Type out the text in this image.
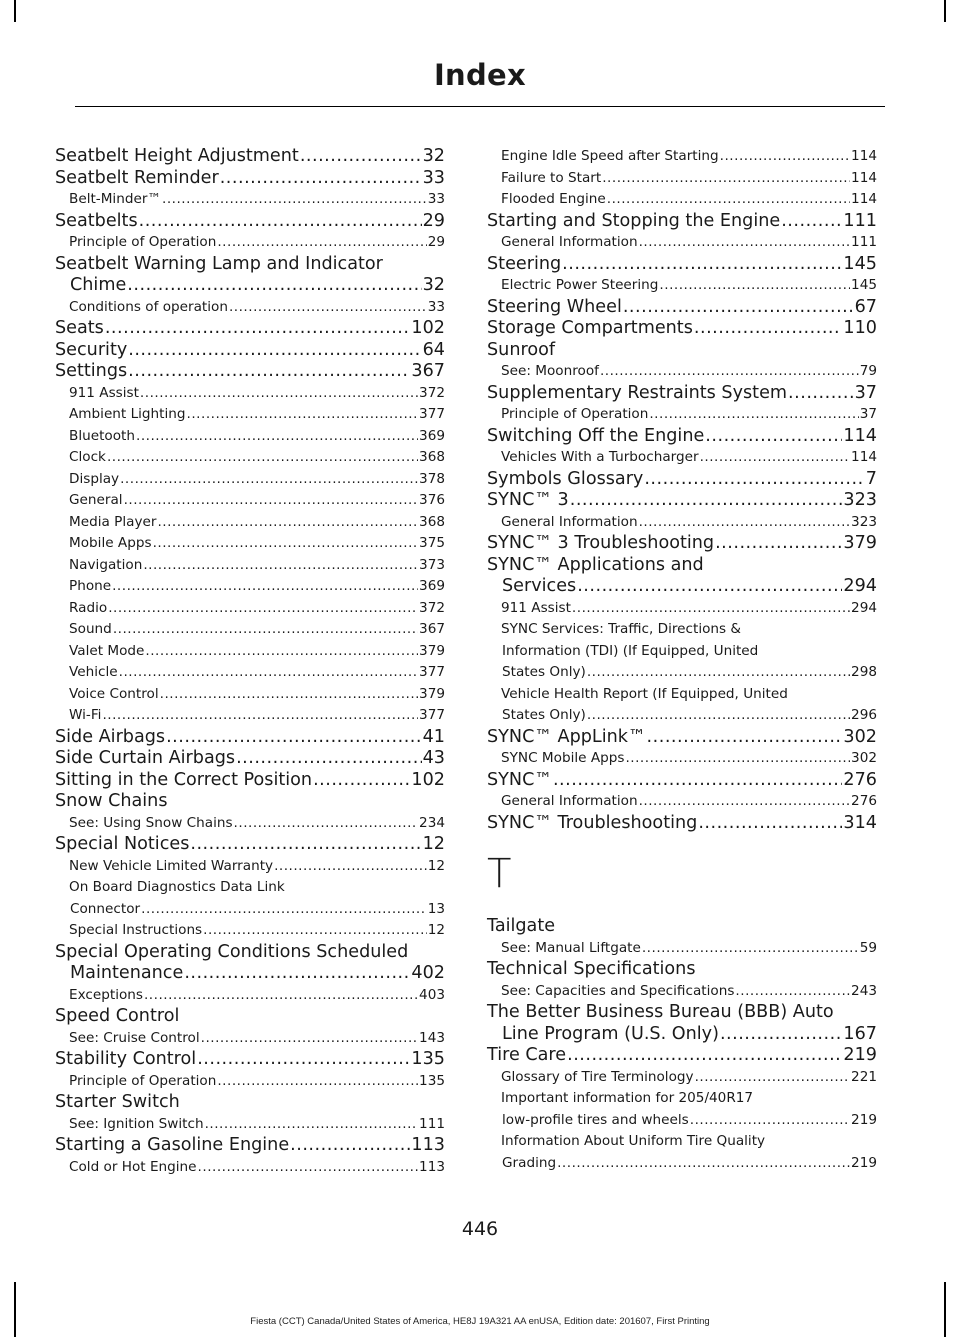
Index
Seatbelt Height Adjustment .....	32
Seatbelt Reminder .....	33
Belt-Minder™ .....	33
Seatbelts .....	29
Principle of Operation .....	29
Seatbelt Warning Lamp and Indicator
Chime .....	32
Conditions of operation .....	33
Seats .....	102
Security .....	64
Settings .....	367
911 Assist .....	372
Ambient Lighting .....	377
Bluetooth .....	369
Clock .....	368
Display .....	378
General .....	376
Media Player .....	368
Mobile Apps .....	375
Navigation .....	373
Phone .....	369
Radio .....	372
Sound .....	367
Valet Mode .....	379
Vehicle .....	377
Voice Control .....	379
Wi-Fi .....	377
Side Airbags .....	41
Side Curtain Airbags .....	43
Sitting in the Correct Position .....	102
Snow Chains
See: Using Snow Chains .....	234
Special Notices .....	12
New Vehicle Limited Warranty .....	12
On Board Diagnostics Data Link
Connector .....	13
Special Instructions .....	12
Special Operating Conditions Scheduled
Maintenance .....	402
Exceptions .....	403
Speed Control
See: Cruise Control .....	143
Stability Control .....	135
Principle of Operation .....	135
Starter Switch
See: Ignition Switch .....	111
Starting a Gasoline Engine .....	113
Cold or Hot Engine .....	113
Engine Idle Speed after Starting .....	114
Failure to Start .....	114
Flooded Engine .....	114
Starting and Stopping the Engine .....	111
General Information .....	111
Steering .....	145
Electric Power Steering .....	145
Steering Wheel .....	67
Storage Compartments .....	110
Sunroof
See: Moonroof .....	79
Supplementary Restraints System .....	37
Principle of Operation .....	37
Switching Off the Engine .....	114
Vehicles With a Turbocharger .....	114
Symbols Glossary .....	7
SYNC™ 3 .....	323
General Information .....	323
SYNC™ 3 Troubleshooting .....	379
SYNC™ Applications and
Services .....	294
911 Assist .....	294
SYNC Services: Traffic, Directions &
Information (TDI) (If Equipped, United
States Only) .....	298
Vehicle Health Report (If Equipped, United
States Only) .....	296
SYNC™ AppLink™ .....	302
SYNC Mobile Apps .....	302
SYNC™ .....	276
General Information .....	276
SYNC™ Troubleshooting .....	314
T
Tailgate
See: Manual Liftgate .....	59
Technical Specifications
See: Capacities and Specifications .....	243
The Better Business Bureau (BBB) Auto
Line Program (U.S. Only) .....	167
Tire Care .....	219
Glossary of Tire Terminology .....	221
Important information for 205/40R17
low-profile tires and wheels .....	219
Information About Uniform Tire Quality
Grading .....	219
446
Fiesta (CCT) Canada/United States of America, HE8J 19A321 AA enUSA, Edition date: 201607, First Printing
